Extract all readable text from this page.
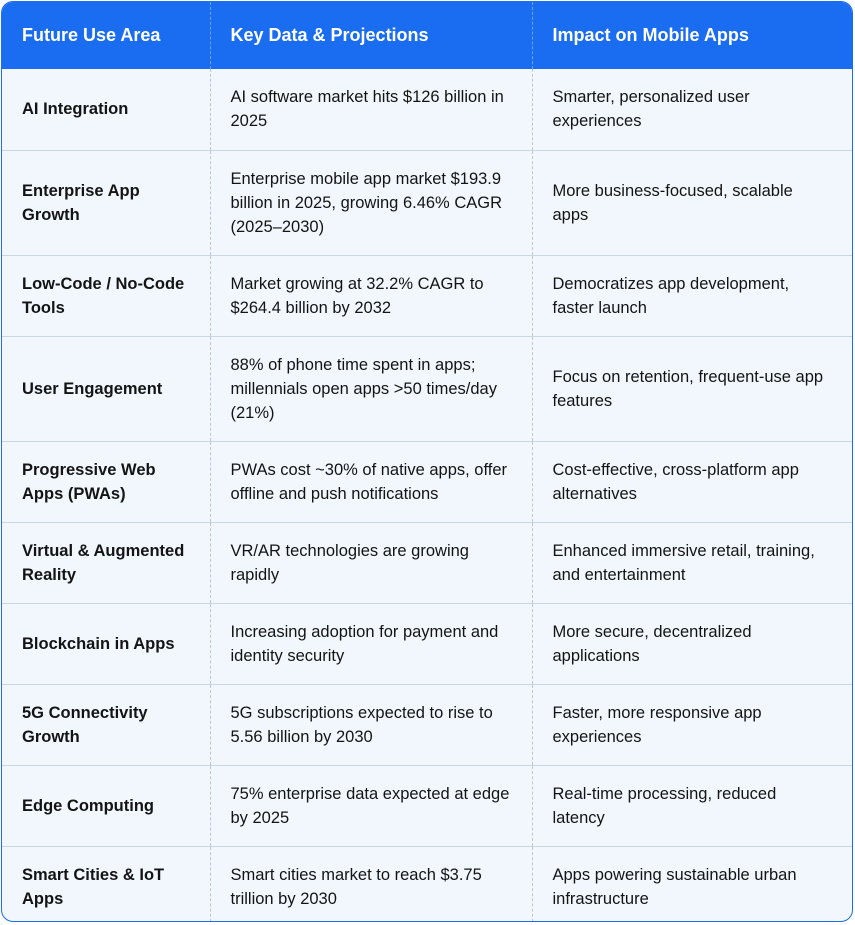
Future Use Area	Key Data & Projections	Impact on Mobile Apps
AI Integration	AI software market hits $126 billion in 2025	Smarter, personalized user experiences
Enterprise App Growth	Enterprise mobile app market $193.9 billion in 2025, growing 6.46% CAGR (2025–2030)	More business-focused, scalable apps
Low-Code / No-Code Tools	Market growing at 32.2% CAGR to $264.4 billion by 2032	Democratizes app development, faster launch
User Engagement	88% of phone time spent in apps; millennials open apps >50 times/day (21%)	Focus on retention, frequent-use app features
Progressive Web Apps (PWAs)	PWAs cost ~30% of native apps, offer offline and push notifications	Cost-effective, cross-platform app alternatives
Virtual & Augmented Reality	VR/AR technologies are growing rapidly	Enhanced immersive retail, training, and entertainment
Blockchain in Apps	Increasing adoption for payment and identity security	More secure, decentralized applications
5G Connectivity Growth	5G subscriptions expected to rise to 5.56 billion by 2030	Faster, more responsive app experiences
Edge Computing	75% enterprise data expected at edge by 2025	Real-time processing, reduced latency
Smart Cities & IoT Apps	Smart cities market to reach $3.75 trillion by 2030	Apps powering sustainable urban infrastructure
